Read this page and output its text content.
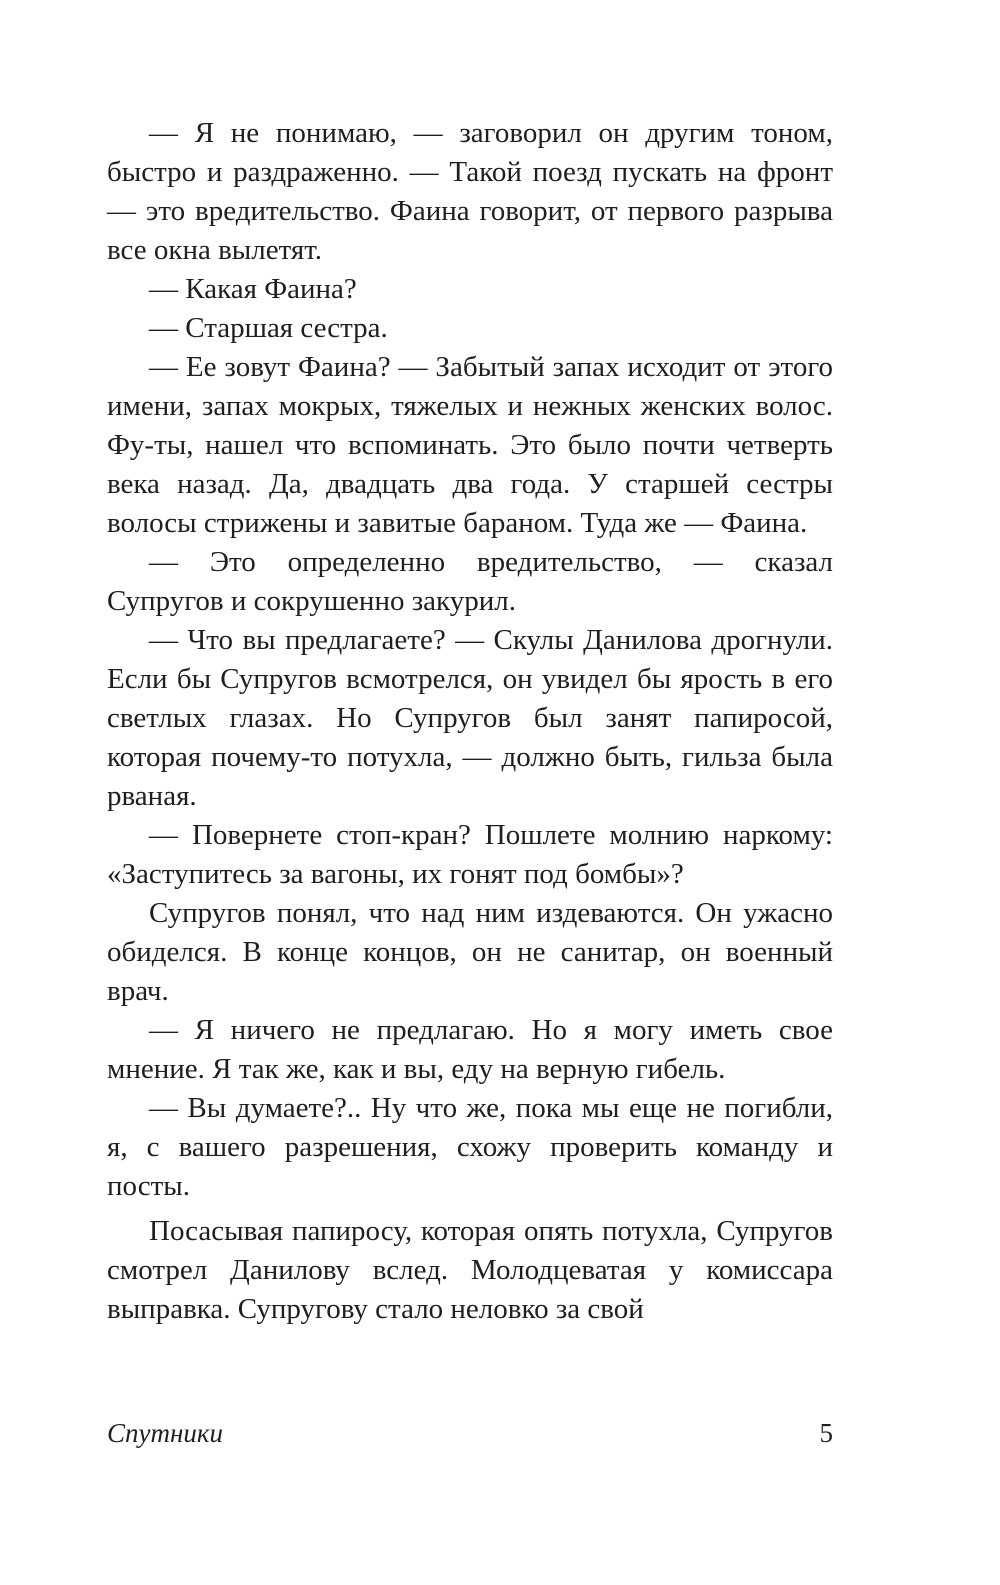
— Я не понимаю, — заговорил он другим тоном, быстро и раздраженно. — Такой поезд пускать на фронт — это вредительство. Фаина говорит, от первого разрыва все окна вылетят.

— Какая Фаина?

— Старшая сестра.

— Ее зовут Фаина? — Забытый запах исходит от этого имени, запах мокрых, тяжелых и нежных женских волос. Фу-ты, нашел что вспоминать. Это было почти четверть века назад. Да, двадцать два года. У старшей сестры волосы стрижены и завитые бараном. Туда же — Фаина.

— Это определенно вредительство, — сказал Супругов и сокрушенно закурил.

— Что вы предлагаете? — Скулы Данилова дрогнули. Если бы Супругов всмотрелся, он увидел бы ярость в его светлых глазах. Но Супругов был занят папиросой, которая почему-то потухла, — должно быть, гильза была рваная.

— Повернете стоп-кран? Пошлете молнию наркому: «Заступитесь за вагоны, их гонят под бомбы»?

Супругов понял, что над ним издеваются. Он ужасно обиделся. В конце концов, он не санитар, он военный врач.

— Я ничего не предлагаю. Но я могу иметь свое мнение. Я так же, как и вы, еду на верную гибель.

— Вы думаете?.. Ну что же, пока мы еще не погибли, я, с вашего разрешения, схожу проверить команду и посты.

Посасывая папиросу, которая опять потухла, Супругов смотрел Данилову вслед. Молодцеватая у комиссара выправка. Супругову стало неловко за свой

Спутники	5
